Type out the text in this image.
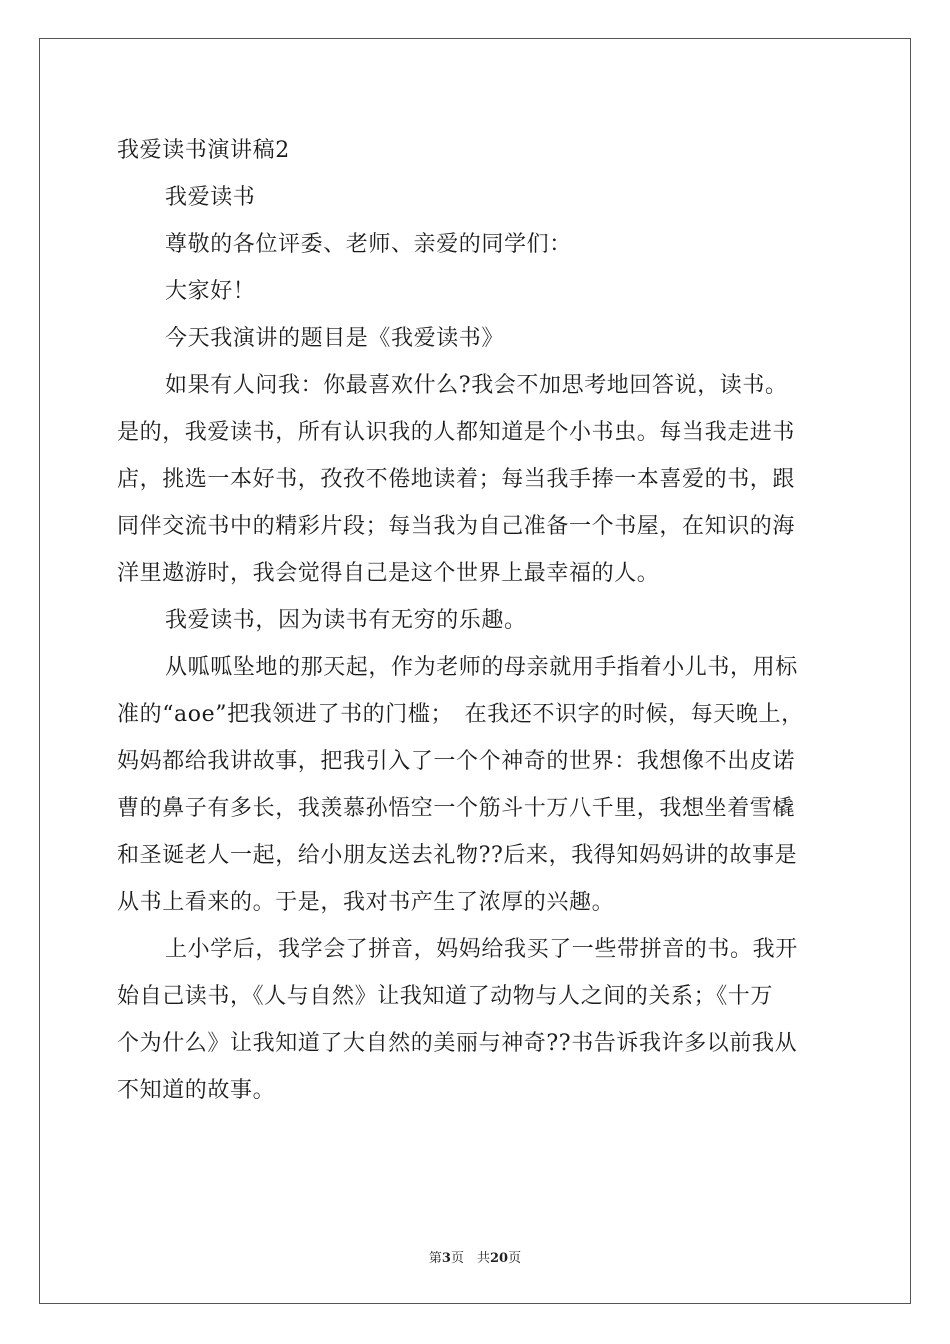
我爱读书演讲稿2
我爱读书
尊敬的各位评委、老师、亲爱的同学们：
大家好！
今天我演讲的题目是《我爱读书》
如果有人问我：你最喜欢什么?我会不加思考地回答说，读书。
是的，我爱读书，所有认识我的人都知道是个小书虫。每当我走进书
店，挑选一本好书，孜孜不倦地读着；每当我手捧一本喜爱的书，跟
同伴交流书中的精彩片段；每当我为自己准备一个书屋，在知识的海
洋里遨游时，我会觉得自己是这个世界上最幸福的人。
我爱读书，因为读书有无穷的乐趣。
从呱呱坠地的那天起，作为老师的母亲就用手指着小儿书，用标
准的“aoe”把我领进了书的门槛；　在我还不识字的时候，每天晚上，
妈妈都给我讲故事，把我引入了一个个神奇的世界：我想像不出皮诺
曹的鼻子有多长，我羡慕孙悟空一个筋斗十万八千里，我想坐着雪橇
和圣诞老人一起，给小朋友送去礼物??后来，我得知妈妈讲的故事是
从书上看来的。于是，我对书产生了浓厚的兴趣。
上小学后，我学会了拼音，妈妈给我买了一些带拼音的书。我开
始自己读书，《人与自然》让我知道了动物与人之间的关系；《十万
个为什么》让我知道了大自然的美丽与神奇??书告诉我许多以前我从
不知道的故事。
第3页　共20页
